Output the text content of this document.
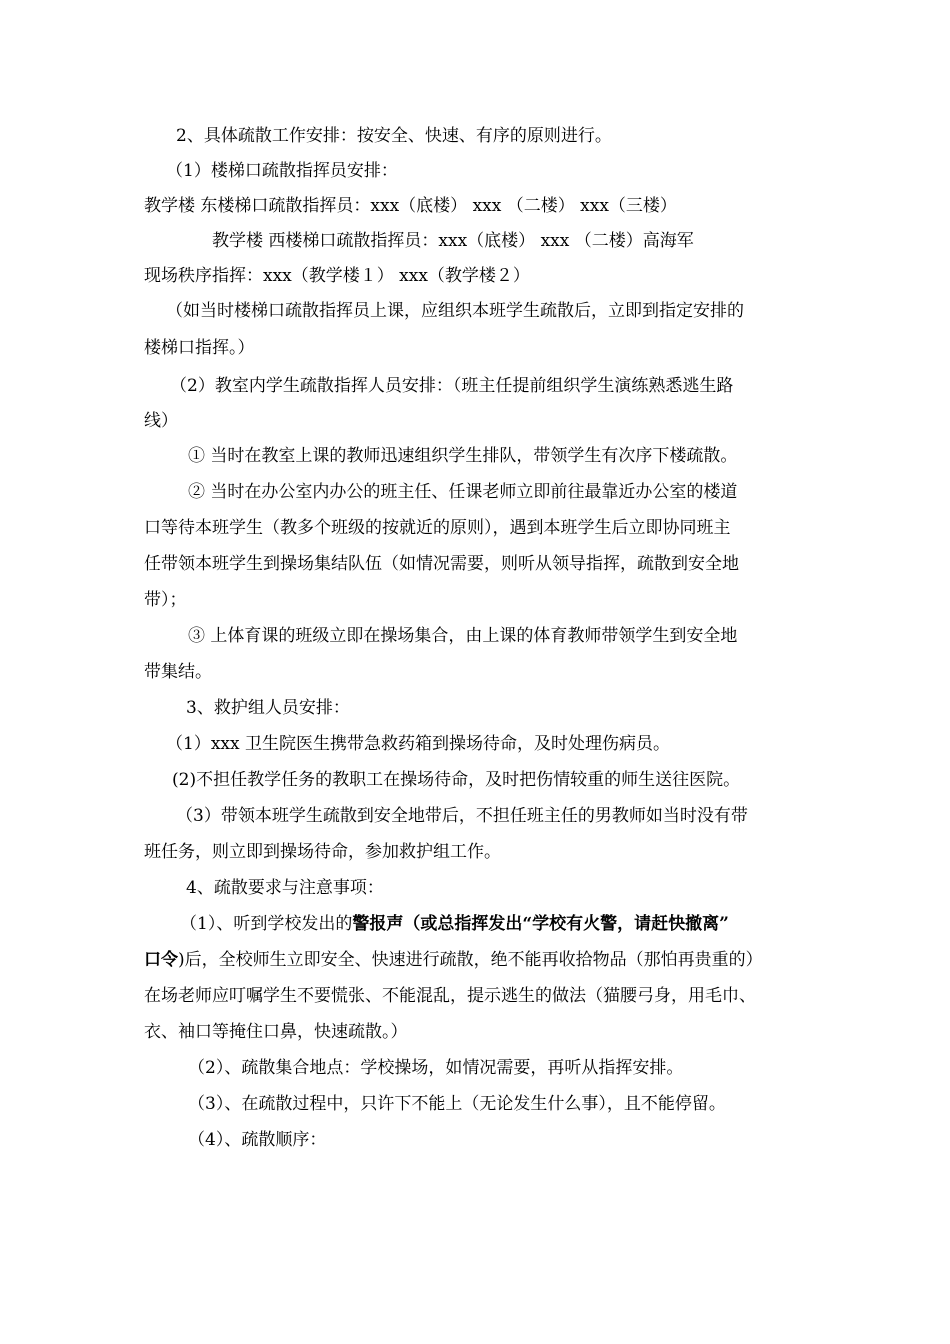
2、具体疏散工作安排：按安全、快速、有序的原则进行。
（1）楼梯口疏散指挥员安排：
教学楼 东楼梯口疏散指挥员：xxx（底楼） xxx （二楼） xxx（三楼）
教学楼 西楼梯口疏散指挥员：xxx（底楼） xxx （二楼）高海军
现场秩序指挥：xxx（教学楼１） xxx（教学楼２）
（如当时楼梯口疏散指挥员上课，应组织本班学生疏散后，立即到指定安排的
楼梯口指挥。）
（2）教室内学生疏散指挥人员安排：（班主任提前组织学生演练熟悉逃生路
线）
① 当时在教室上课的教师迅速组织学生排队，带领学生有次序下楼疏散。
② 当时在办公室内办公的班主任、任课老师立即前往最靠近办公室的楼道
口等待本班学生（教多个班级的按就近的原则），遇到本班学生后立即协同班主
任带领本班学生到操场集结队伍（如情况需要，则听从领导指挥，疏散到安全地
带）；
③ 上体育课的班级立即在操场集合，由上课的体育教师带领学生到安全地
带集结。
3、救护组人员安排：
（1）xxx 卫生院医生携带急救药箱到操场待命，及时处理伤病员。
(2)不担任教学任务的教职工在操场待命，及时把伤情较重的师生送往医院。
（3）带领本班学生疏散到安全地带后，不担任班主任的男教师如当时没有带
班任务，则立即到操场待命，参加救护组工作。
4、疏散要求与注意事项：
（1）、听到学校发出的警报声（或总指挥发出“学校有火警，请赶快撤离”
口令)后，全校师生立即安全、快速进行疏散，绝不能再收拾物品（那怕再贵重的）
在场老师应叮嘱学生不要慌张、不能混乱，提示逃生的做法（猫腰弓身，用毛巾、
衣、袖口等掩住口鼻，快速疏散。）
（2）、疏散集合地点：学校操场，如情况需要，再听从指挥安排。
（3）、在疏散过程中，只许下不能上（无论发生什么事），且不能停留。
（4）、疏散顺序：
